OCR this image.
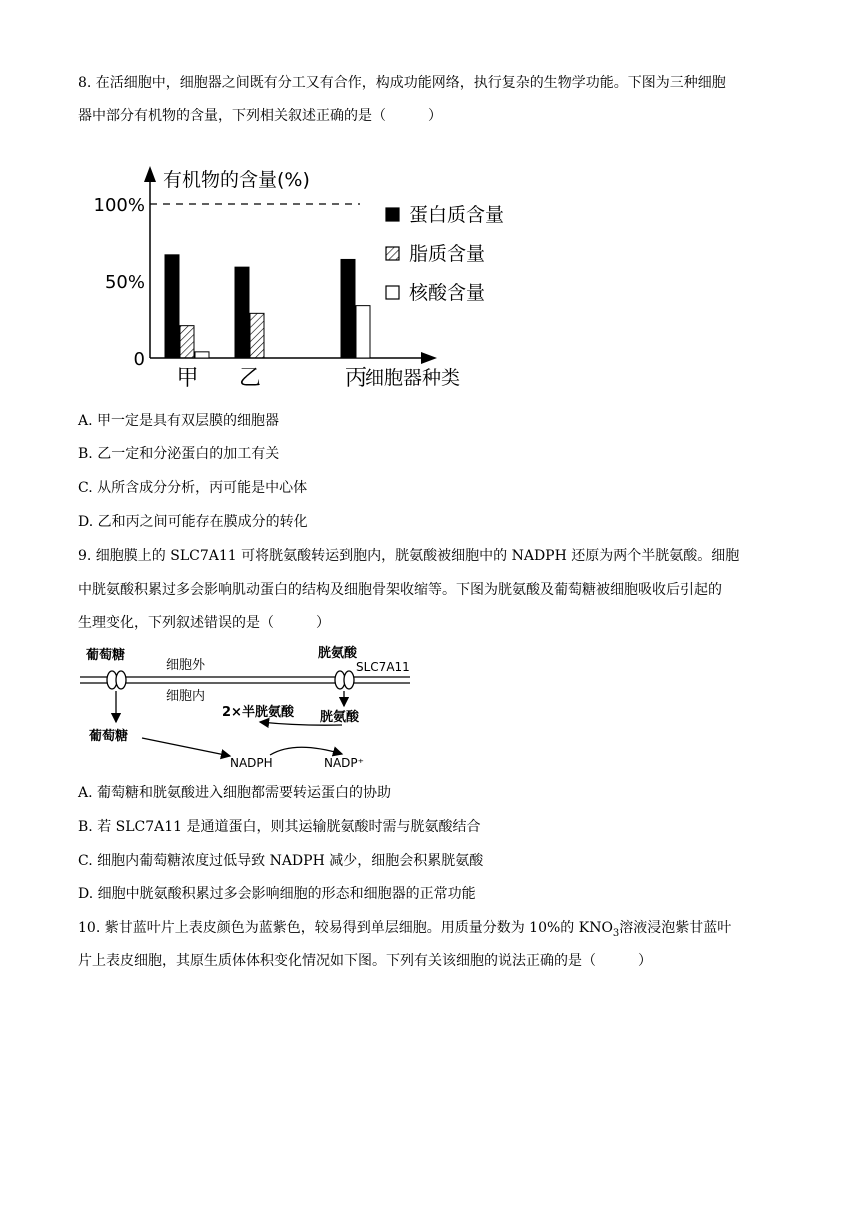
8. 在活细胞中，细胞器之间既有分工又有合作，构成功能网络，执行复杂的生物学功能。下图为三种细胞
器中部分有机物的含量，下列相关叙述正确的是（	）
有机物的含量(%)
细胞器种类
0
50%
100%
甲 乙	丙
蛋白质含量
脂质含量
核酸含量
A. 甲一定是具有双层膜的细胞器
B. 乙一定和分泌蛋白的加工有关
C. 从所含成分分析，丙可能是中心体
D. 乙和丙之间可能存在膜成分的转化
9. 细胞膜上的 SLC7A11 可将胱氨酸转运到胞内，胱氨酸被细胞中的 NADPH 还原为两个半胱氨酸。细胞
中胱氨酸积累过多会影响肌动蛋白的结构及细胞骨架收缩等。下图为胱氨酸及葡萄糖被细胞吸收后引起的
生理变化，下列叙述错误的是（	）
葡萄糖
细胞外
细胞内
胱氨酸
SLC7A11
2×半胱氨酸 胱氨酸
葡萄糖
NADPH	NADP⁺
A. 葡萄糖和胱氨酸进入细胞都需要转运蛋白的协助
B. 若 SLC7A11 是通道蛋白，则其运输胱氨酸时需与胱氨酸结合
C. 细胞内葡萄糖浓度过低导致 NADPH 减少，细胞会积累胱氨酸
D. 细胞中胱氨酸积累过多会影响细胞的形态和细胞器的正常功能
10. 紫甘蓝叶片上表皮颜色为蓝紫色，较易得到单层细胞。用质量分数为 10%的 $KNO_3$溶液浸泡紫甘蓝叶
片上表皮细胞，其原生质体体积变化情况如下图。下列有关该细胞的说法正确的是（	）
